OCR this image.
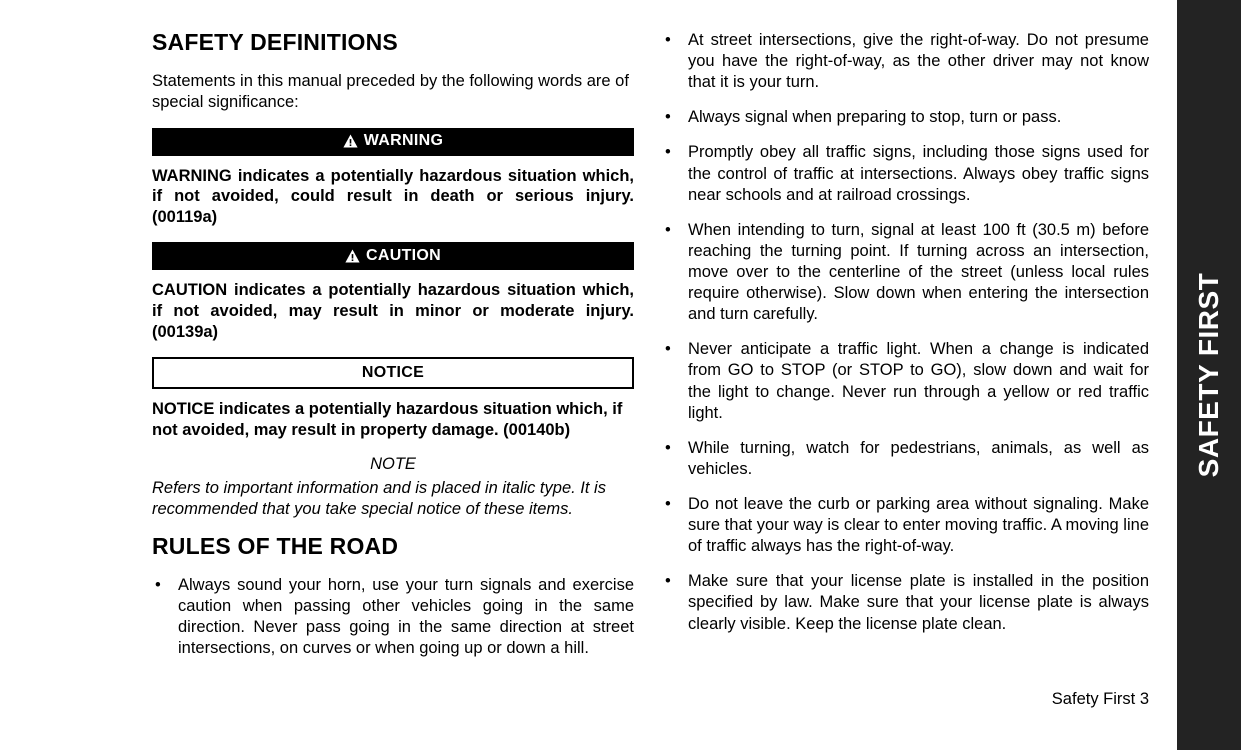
SAFETY DEFINITIONS

Statements in this manual preceded by the following words are of special significance:

WARNING

WARNING indicates a potentially hazardous situation which, if not avoided, could result in death or serious injury. (00119a)

CAUTION

CAUTION indicates a potentially hazardous situation which, if not avoided, may result in minor or moderate injury. (00139a)

NOTICE

NOTICE indicates a potentially hazardous situation which, if not avoided, may result in property damage. (00140b)

NOTE

Refers to important information and is placed in italic type. It is recommended that you take special notice of these items.

RULES OF THE ROAD
• Always sound your horn, use your turn signals and exercise caution when passing other vehicles going in the same direction. Never pass going in the same direction at street intersections, on curves or when going up or down a hill.
• At street intersections, give the right-of-way. Do not presume you have the right-of-way, as the other driver may not know that it is your turn.
• Always signal when preparing to stop, turn or pass.
• Promptly obey all traffic signs, including those signs used for the control of traffic at intersections. Always obey traffic signs near schools and at railroad crossings.
• When intending to turn, signal at least 100 ft (30.5 m) before reaching the turning point. If turning across an intersection, move over to the centerline of the street (unless local rules require otherwise). Slow down when entering the intersection and turn carefully.
• Never anticipate a traffic light. When a change is indicated from GO to STOP (or STOP to GO), slow down and wait for the light to change. Never run through a yellow or red traffic light.
• While turning, watch for pedestrians, animals, as well as vehicles.
• Do not leave the curb or parking area without signaling. Make sure that your way is clear to enter moving traffic. A moving line of traffic always has the right-of-way.
• Make sure that your license plate is installed in the position specified by law. Make sure that your license plate is always clearly visible. Keep the license plate clean.
Safety First 3
SAFETY FIRST
